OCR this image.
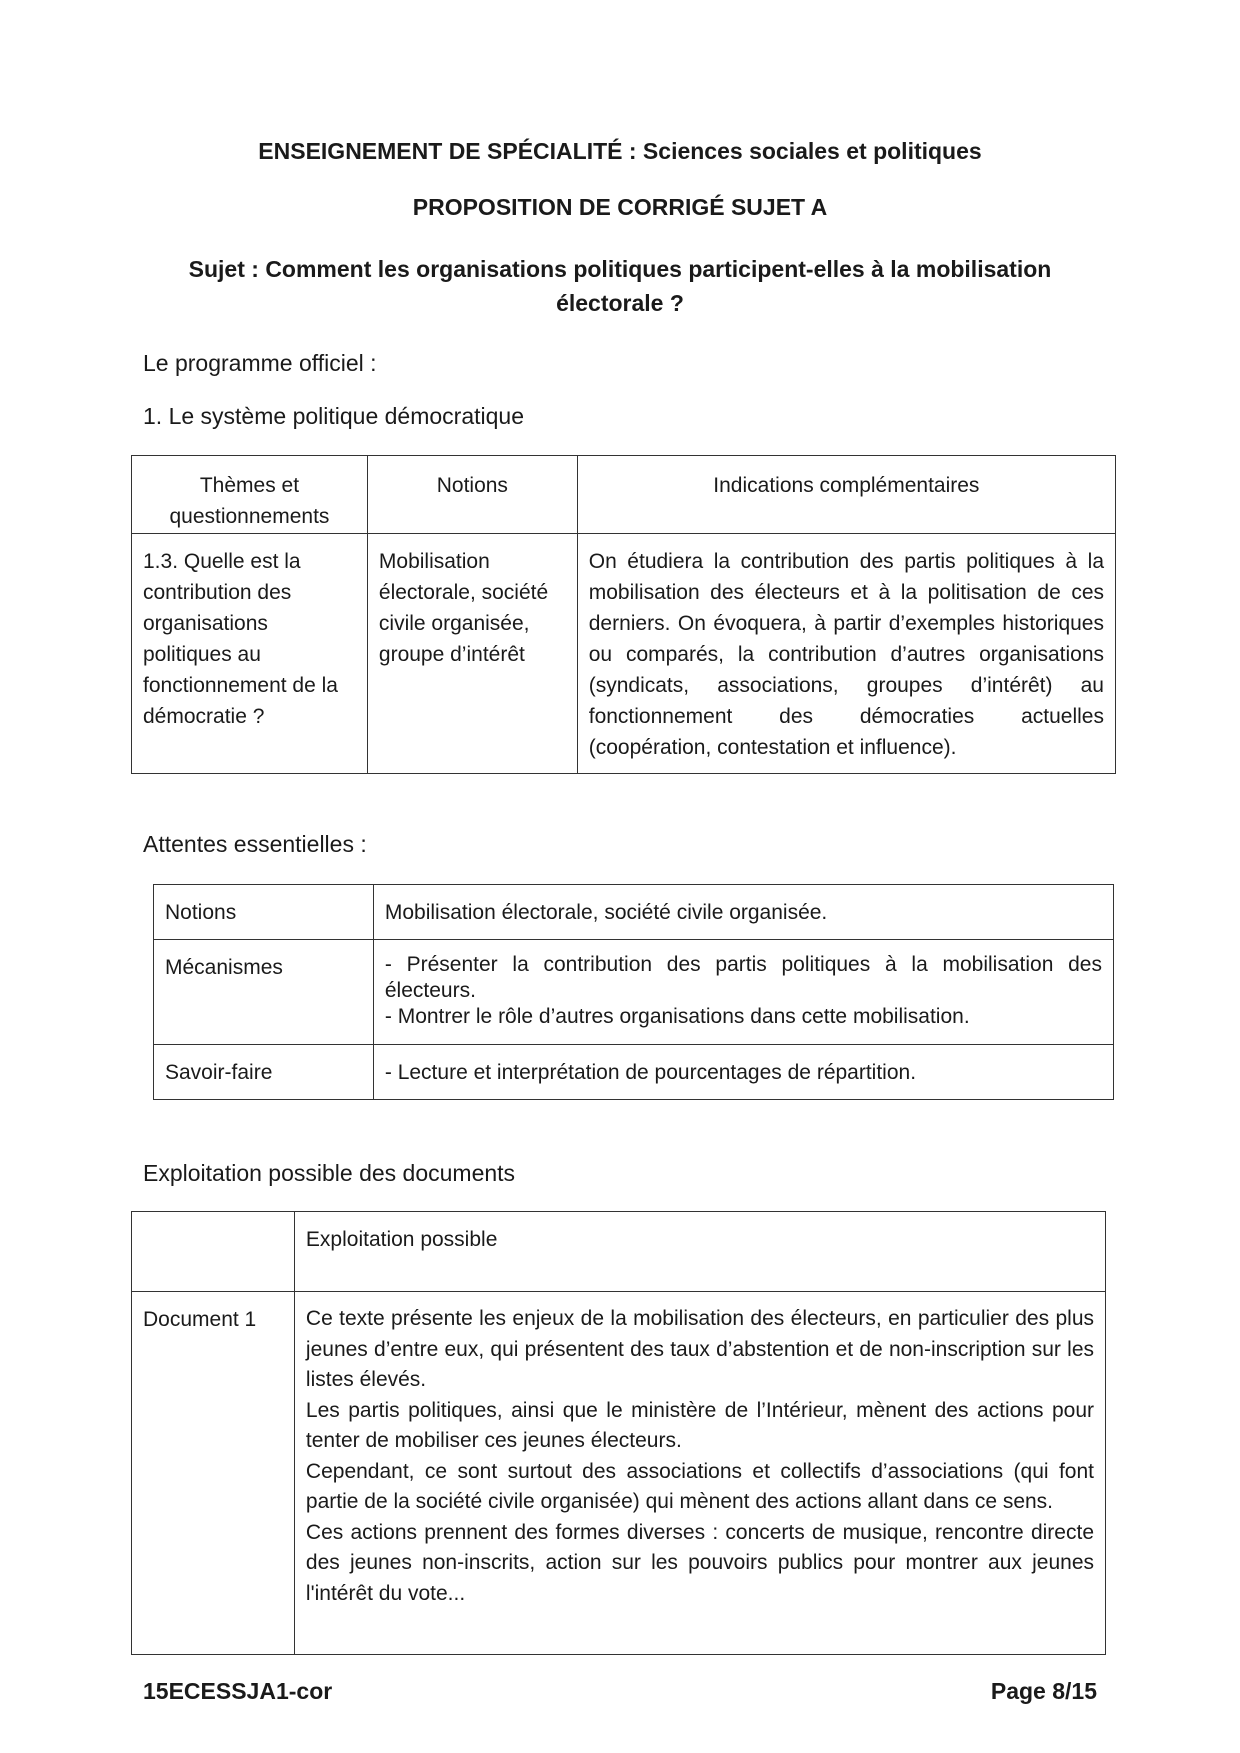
ENSEIGNEMENT DE SPÉCIALITÉ : Sciences sociales et politiques
PROPOSITION DE CORRIGÉ SUJET A
Sujet : Comment les organisations politiques participent-elles à la mobilisation
électorale ?
Le programme officiel :
1. Le système politique démocratique
Thèmes et questionnements	Notions	Indications complémentaires

1.3. Quelle est la contribution des organisations politiques au fonctionnement de la démocratie ?	Mobilisation électorale, société civile organisée, groupe d’intérêt	On étudiera la contribution des partis politiques à la mobilisation des électeurs et à la politisation de ces derniers. On évoquera, à partir d’exemples historiques ou comparés, la contribution d’autres organisations (syndicats, associations, groupes d’intérêt) au fonctionnement des démocraties actuelles (coopération, contestation et influence).
Attentes essentielles :
Notions	Mobilisation électorale, société civile organisée.

Mécanismes	- Présenter la contribution des partis politiques à la mobilisation des électeurs.
- Montrer le rôle d’autres organisations dans cette mobilisation.

Savoir-faire	- Lecture et interprétation de pourcentages de répartition.
Exploitation possible des documents

	Exploitation possible

Document 1	Ce texte présente les enjeux de la mobilisation des électeurs, en particulier des plus jeunes d’entre eux, qui présentent des taux d’abstention et de non-inscription sur les listes élevés.
Les partis politiques, ainsi que le ministère de l’Intérieur, mènent des actions pour tenter de mobiliser ces jeunes électeurs.
Cependant, ce sont surtout des associations et collectifs d’associations (qui font partie de la société civile organisée) qui mènent des actions allant dans ce sens.
Ces actions prennent des formes diverses : concerts de musique, rencontre directe des jeunes non-inscrits, action sur les pouvoirs publics pour montrer aux jeunes l'intérêt du vote...
15ECESSJA1-cor	Page 8/15
